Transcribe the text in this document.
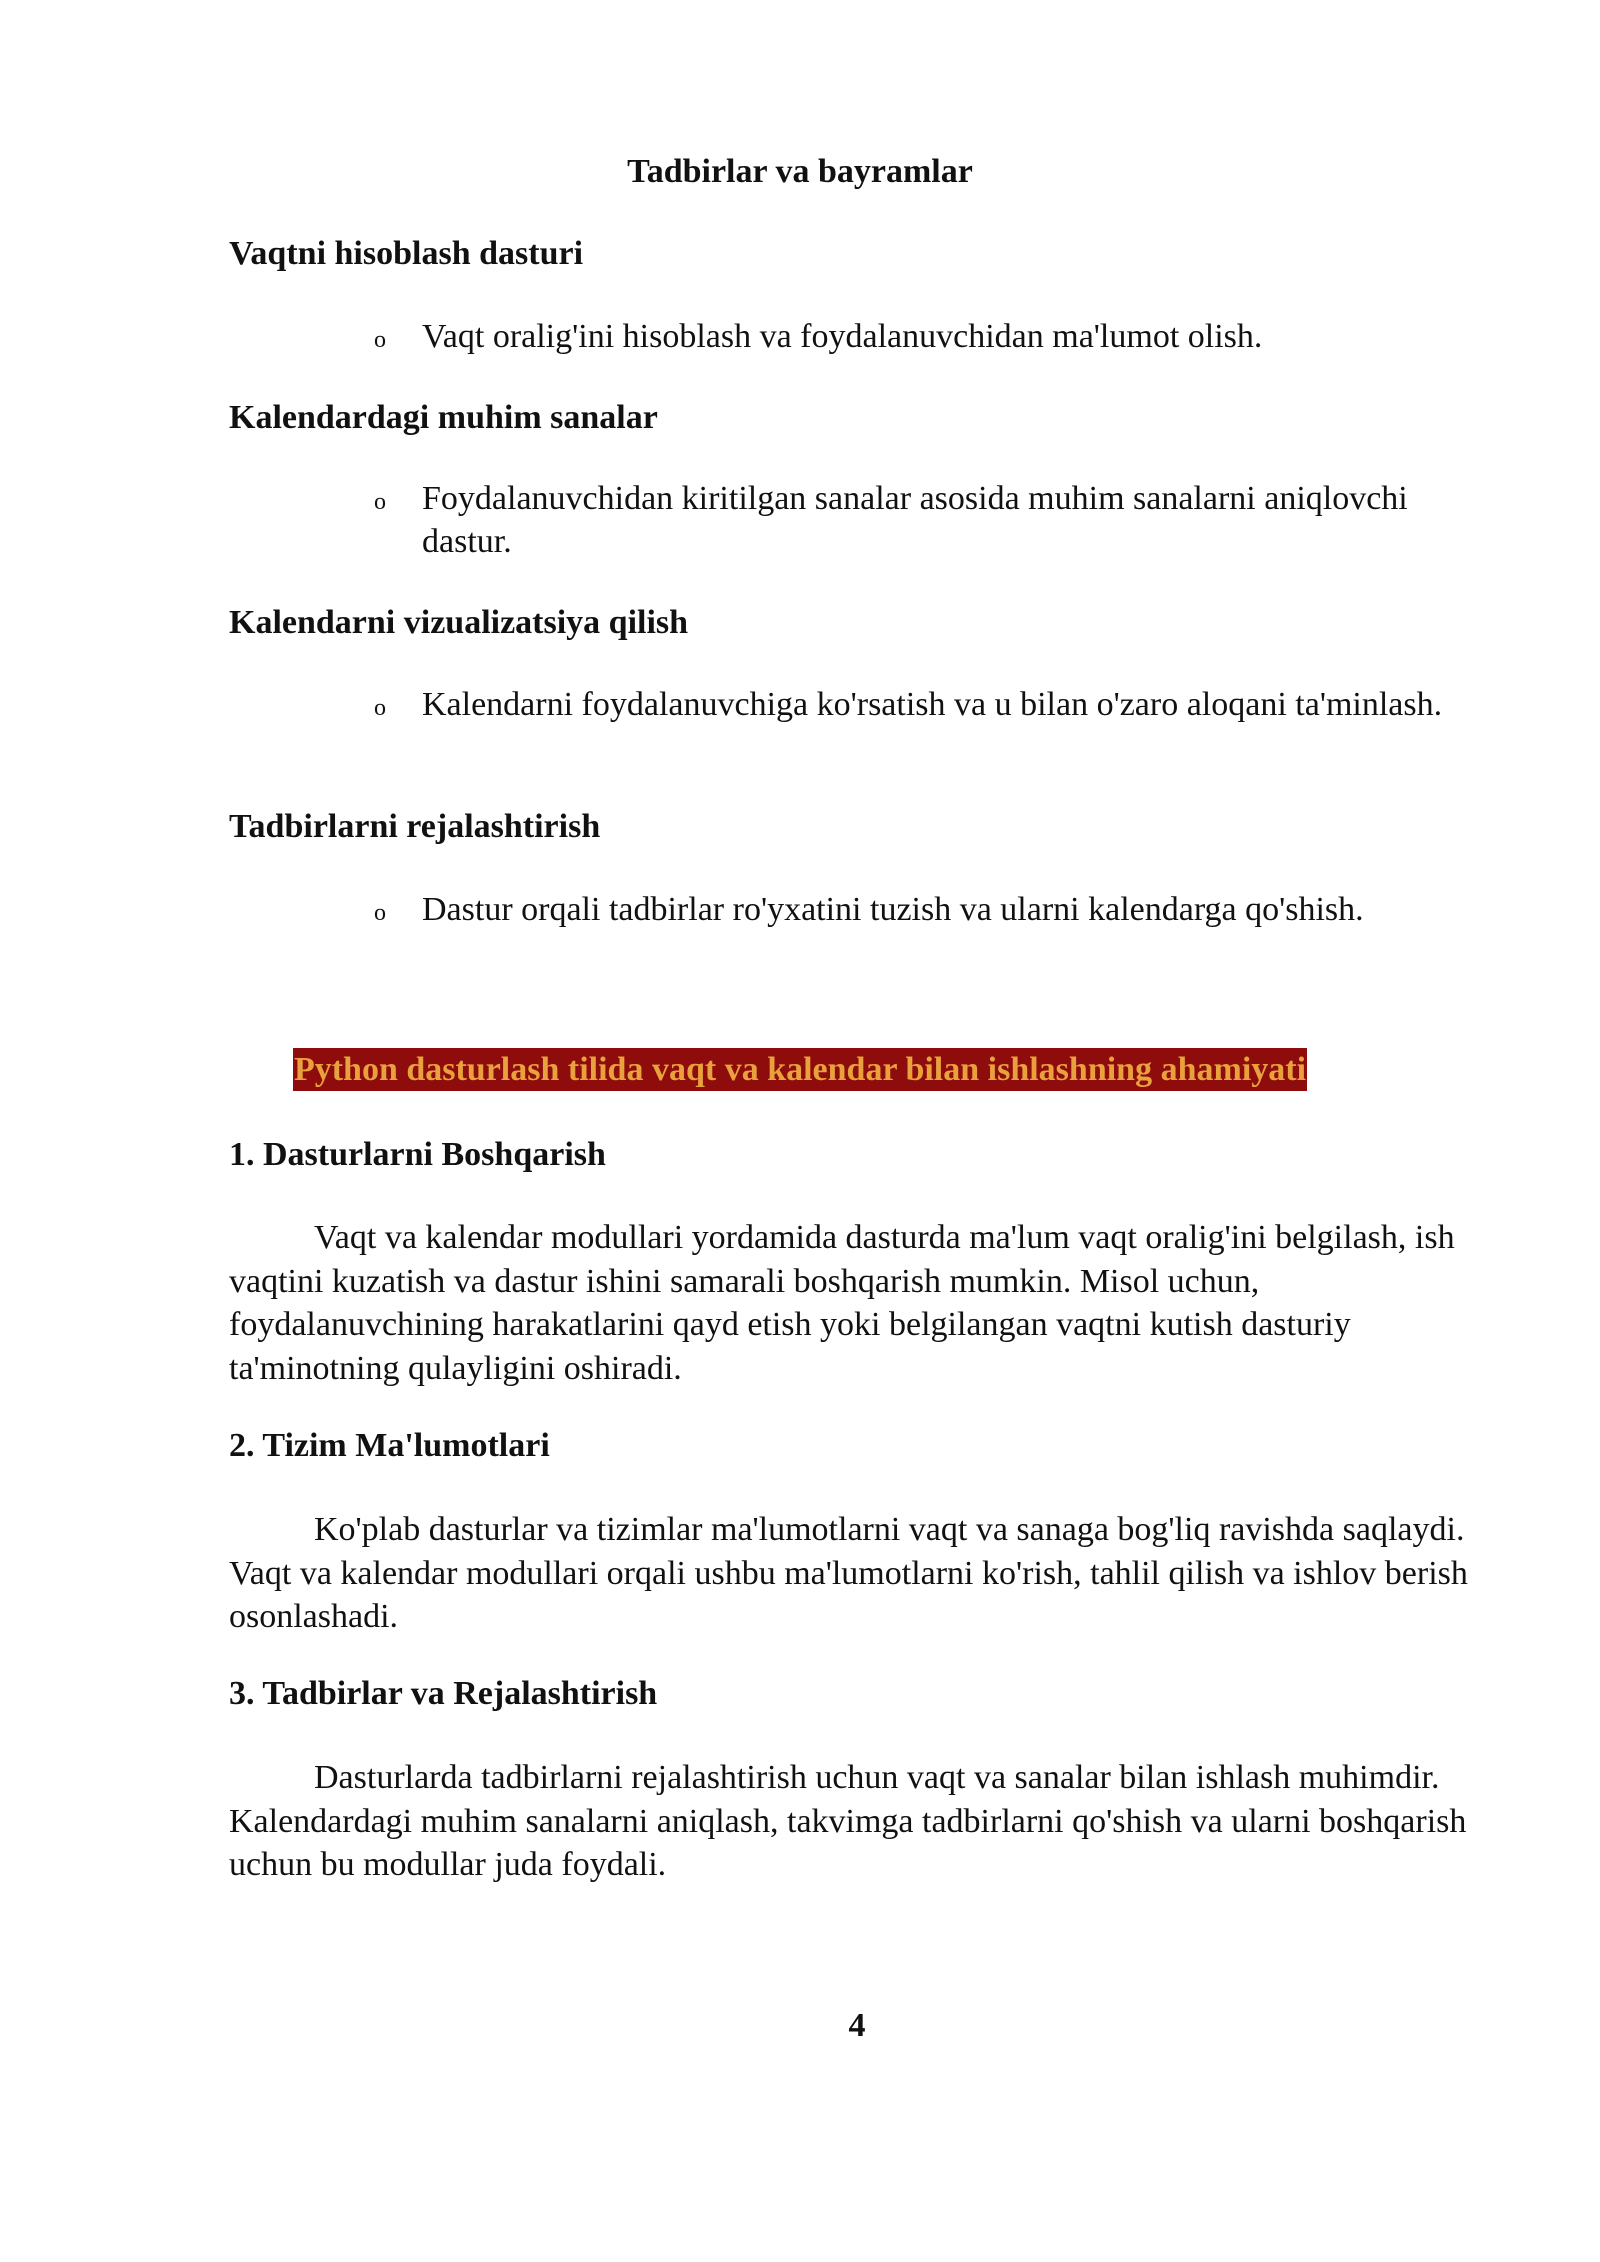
Tadbirlar va bayramlar
Vaqtni hisoblash dasturi
o Vaqt oralig'ini hisoblash va foydalanuvchidan ma'lumot olish.
Kalendardagi muhim sanalar
o Foydalanuvchidan kiritilgan sanalar asosida muhim sanalarni aniqlovchi dastur.
Kalendarni vizualizatsiya qilish
o Kalendarni foydalanuvchiga ko'rsatish va u bilan o'zaro aloqani ta'minlash.
Tadbirlarni rejalashtirish
o Dastur orqali tadbirlar ro'yxatini tuzish va ularni kalendarga qo'shish.
Python dasturlash tilida vaqt va kalendar bilan ishlashning ahamiyati
1. Dasturlarni Boshqarish
Vaqt va kalendar modullari yordamida dasturda ma'lum vaqt oralig'ini belgilash, ish vaqtini kuzatish va dastur ishini samarali boshqarish mumkin. Misol uchun, foydalanuvchining harakatlarini qayd etish yoki belgilangan vaqtni kutish dasturiy ta'minotning qulayligini oshiradi.
2. Tizim Ma'lumotlari
Ko'plab dasturlar va tizimlar ma'lumotlarni vaqt va sanaga bog'liq ravishda saqlaydi. Vaqt va kalendar modullari orqali ushbu ma'lumotlarni ko'rish, tahlil qilish va ishlov berish osonlashadi.
3. Tadbirlar va Rejalashtirish
Dasturlarda tadbirlarni rejalashtirish uchun vaqt va sanalar bilan ishlash muhimdir. Kalendardagi muhim sanalarni aniqlash, takvimga tadbirlarni qo'shish va ularni boshqarish uchun bu modullar juda foydali.
4
